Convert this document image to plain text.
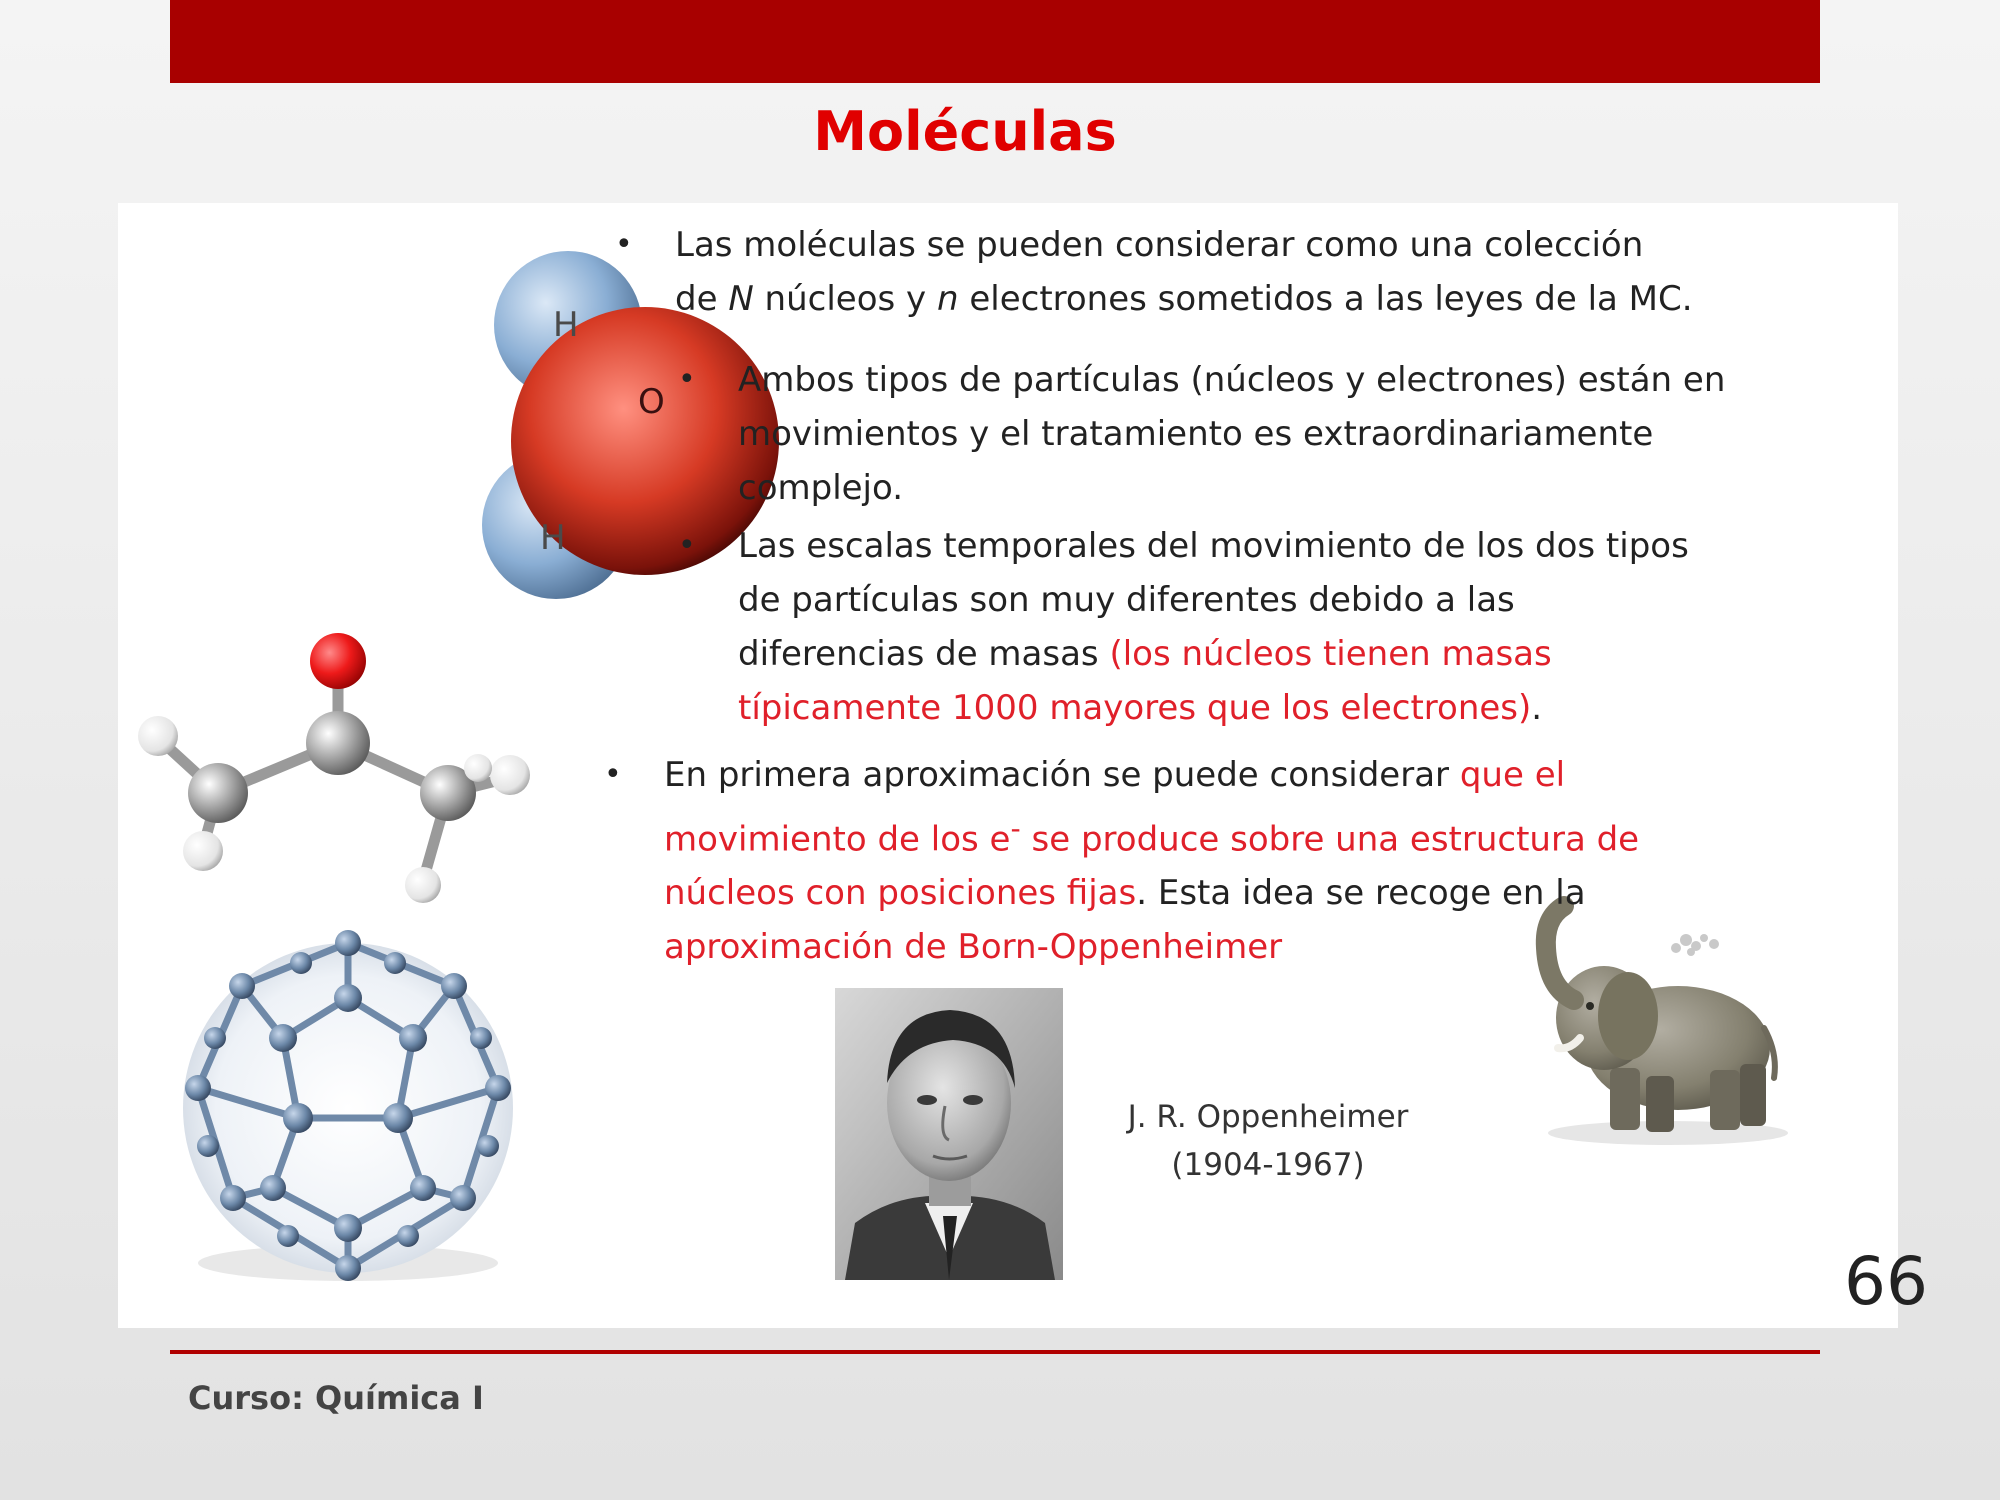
Moléculas
H
H
O
J. R. Oppenheimer
(1904-1967)
• Las moléculas se pueden considerar como una colección
de N núcleos y n electrones sometidos a las leyes de la MC.

• Ambos tipos de partículas (núcleos y electrones) están en
movimientos y el tratamiento es extraordinariamente
complejo.

• Las escalas temporales del movimiento de los dos tipos
de partículas son muy diferentes debido a las
diferencias de masas (los núcleos tienen masas
típicamente 1000 mayores que los electrones).

• En primera aproximación se puede considerar que el
movimiento de los e- se produce sobre una estructura de
núcleos con posiciones fijas. Esta idea se recoge en la
aproximación de Born-Oppenheimer

66
Curso: Química I
